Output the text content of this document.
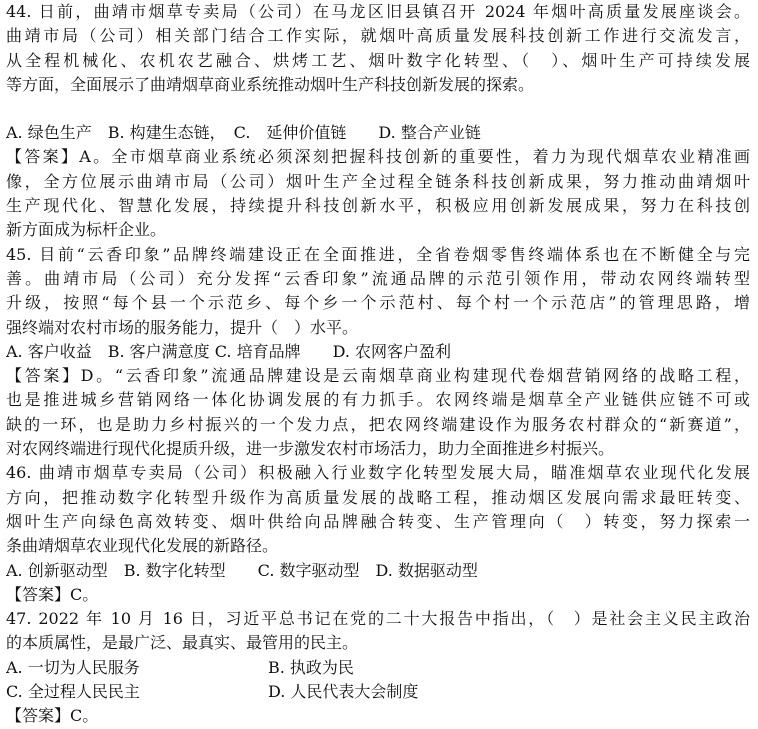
44. 日前，曲靖市烟草专卖局（公司）在马龙区旧县镇召开 2024 年烟叶高质量发展座谈会。
曲靖市局（公司）相关部门结合工作实际，就烟叶高质量发展科技创新工作进行交流发言，
从全程机械化、农机农艺融合、烘烤工艺、烟叶数字化转型、（　）、烟叶生产可持续发展
等方面，全面展示了曲靖烟草商业系统推动烟叶生产科技创新发展的探索。
A. 绿色生产　B. 构建生态链，　C.　延伸价值链　　D. 整合产业链
【答案】A。全市烟草商业系统必须深刻把握科技创新的重要性，着力为现代烟草农业精准画
像，全方位展示曲靖市局（公司）烟叶生产全过程全链条科技创新成果，努力推动曲靖烟叶
生产现代化、智慧化发展，持续提升科技创新水平，积极应用创新发展成果，努力在科技创
新方面成为标杆企业。
45. 目前“云香印象”品牌终端建设正在全面推进，全省卷烟零售终端体系也在不断健全与完
善。曲靖市局（公司）充分发挥“云香印象”流通品牌的示范引领作用，带动农网终端转型
升级，按照“每个县一个示范乡、每个乡一个示范村、每个村一个示范店”的管理思路，增
强终端对农村市场的服务能力，提升（　）水平。
A. 客户收益　B. 客户满意度 C. 培育品牌　　D. 农网客户盈利
【答案】D。“云香印象”流通品牌建设是云南烟草商业构建现代卷烟营销网络的战略工程，
也是推进城乡营销网络一体化协调发展的有力抓手。农网终端是烟草全产业链供应链不可或
缺的一环，也是助力乡村振兴的一个发力点，把农网终端建设作为服务农村群众的“新赛道”，
对农网终端进行现代化提质升级，进一步激发农村市场活力，助力全面推进乡村振兴。
46. 曲靖市烟草专卖局（公司）积极融入行业数字化转型发展大局，瞄准烟草农业现代化发展
方向，把推动数字化转型升级作为高质量发展的战略工程，推动烟区发展向需求最旺转变、
烟叶生产向绿色高效转变、烟叶供给向品牌融合转变、生产管理向（　）转变，努力探索一
条曲靖烟草农业现代化发展的新路径。
A. 创新驱动型　B. 数字化转型　　C. 数字驱动型　D. 数据驱动型
【答案】C。
47. 2022 年 10 月 16 日，习近平总书记在党的二十大报告中指出，（　）是社会主义民主政治
的本质属性，是最广泛、最真实、最管用的民主。
A. 一切为人民服务	B. 执政为民
C. 全过程人民民主	D. 人民代表大会制度
【答案】C。
